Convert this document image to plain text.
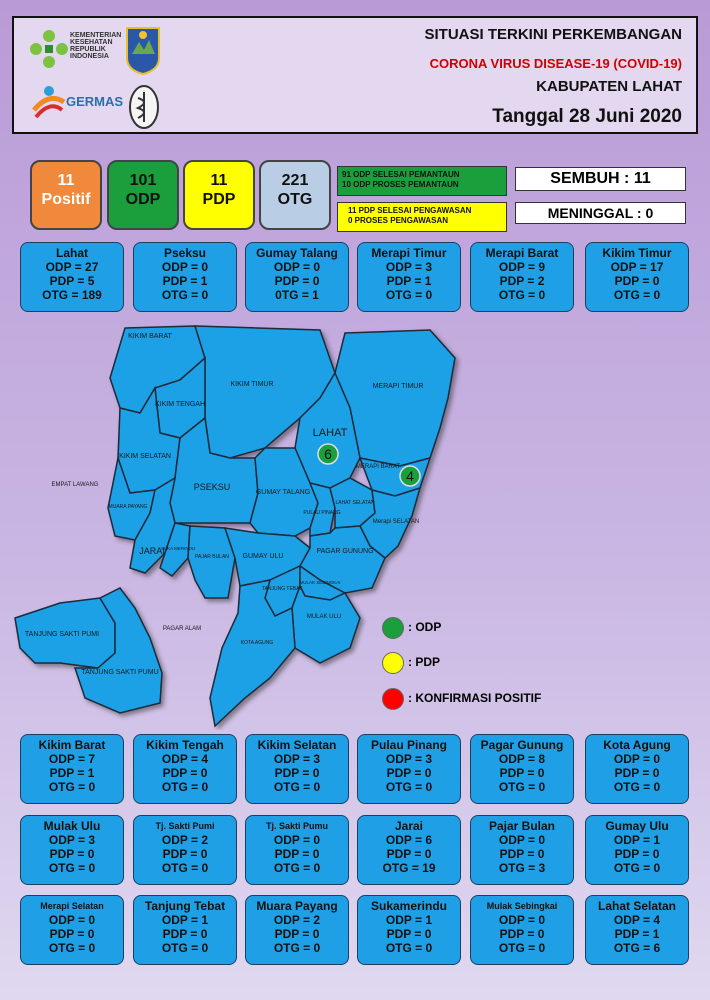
KEMENTERIAN
KESEHATAN
REPUBLIK
INDONESIA
GERMAS
SITUASI TERKINI PERKEMBANGAN
CORONA VIRUS DISEASE-19 (COVID-19)
KABUPATEN LAHAT
Tanggal 28 Juni 2020
11
Positif
101
ODP
11
PDP
221
OTG
91 ODP SELESAI PEMANTAUN
10 ODP PROSES PEMANTAUN
11 PDP SELESAI PENGAWASAN
0 PROSES PENGAWASAN
SEMBUH : 11
MENINGGAL : 0
Lahat
ODP = 27
PDP = 5
OTG = 189
Pseksu
ODP = 0
PDP = 1
OTG = 0
Gumay Talang
ODP = 0
PDP = 0
0TG = 1
Merapi Timur
ODP = 3
PDP = 1
OTG = 0
Merapi Barat
ODP = 9
PDP = 2
OTG = 0
Kikim Timur
ODP = 17
PDP = 0
OTG = 0
KIKIM BARAT
KIKIM TIMUR
KIKIM TENGAH
KIKIM SELATAN
MERAPI TIMUR
LAHAT
MERAPI BARAT
PSEKSU
GUMAY TALANG
PULAU PINANG
LAHAT SELATAN
Merapi SELATAN
MUARA PAYANG
JARAI
SUKA MERINDU
PAJAR BULAN GUMAY ULU
PAGAR GUNUNG
TANJUNG TEBAT
MULAK SEBINGKAI
MULAK ULU
KOTA AGUNG
TANJUNG SAKTI PUMI
TANJUNG SAKTI PUMU
EMPAT LAWANG
PAGAR ALAM
6
4
: ODP
: PDP
: KONFIRMASI POSITIF
Kikim Barat
ODP = 7
PDP = 1
OTG = 0
Kikim Tengah
ODP = 4
PDP = 0
OTG = 0
Kikim Selatan
ODP = 3
PDP = 0
OTG = 0
Pulau Pinang
ODP = 3
PDP = 0
OTG = 0
Pagar Gunung
ODP = 8
PDP = 0
OTG = 0
Kota Agung
ODP = 0
PDP = 0
OTG = 0
Mulak Ulu
ODP = 3
PDP = 0
OTG = 0
Tj. Sakti Pumi
ODP = 2
PDP = 0
OTG = 0
Tj. Sakti Pumu
ODP = 0
PDP = 0
OTG = 0
Jarai
ODP = 6
PDP = 0
OTG = 19
Pajar Bulan
ODP = 0
PDP = 0
OTG = 3
Gumay Ulu
ODP = 1
PDP = 0
OTG = 0
Merapi Selatan
ODP = 0
PDP = 0
OTG = 0
Tanjung Tebat
ODP = 1
PDP = 0
OTG = 0
Muara Payang
ODP = 2
PDP = 0
OTG = 0
Sukamerindu
ODP = 1
PDP = 0
OTG = 0
Mulak Sebingkai
ODP = 0
PDP = 0
OTG = 0
Lahat Selatan
ODP = 4
PDP = 1
OTG = 6
